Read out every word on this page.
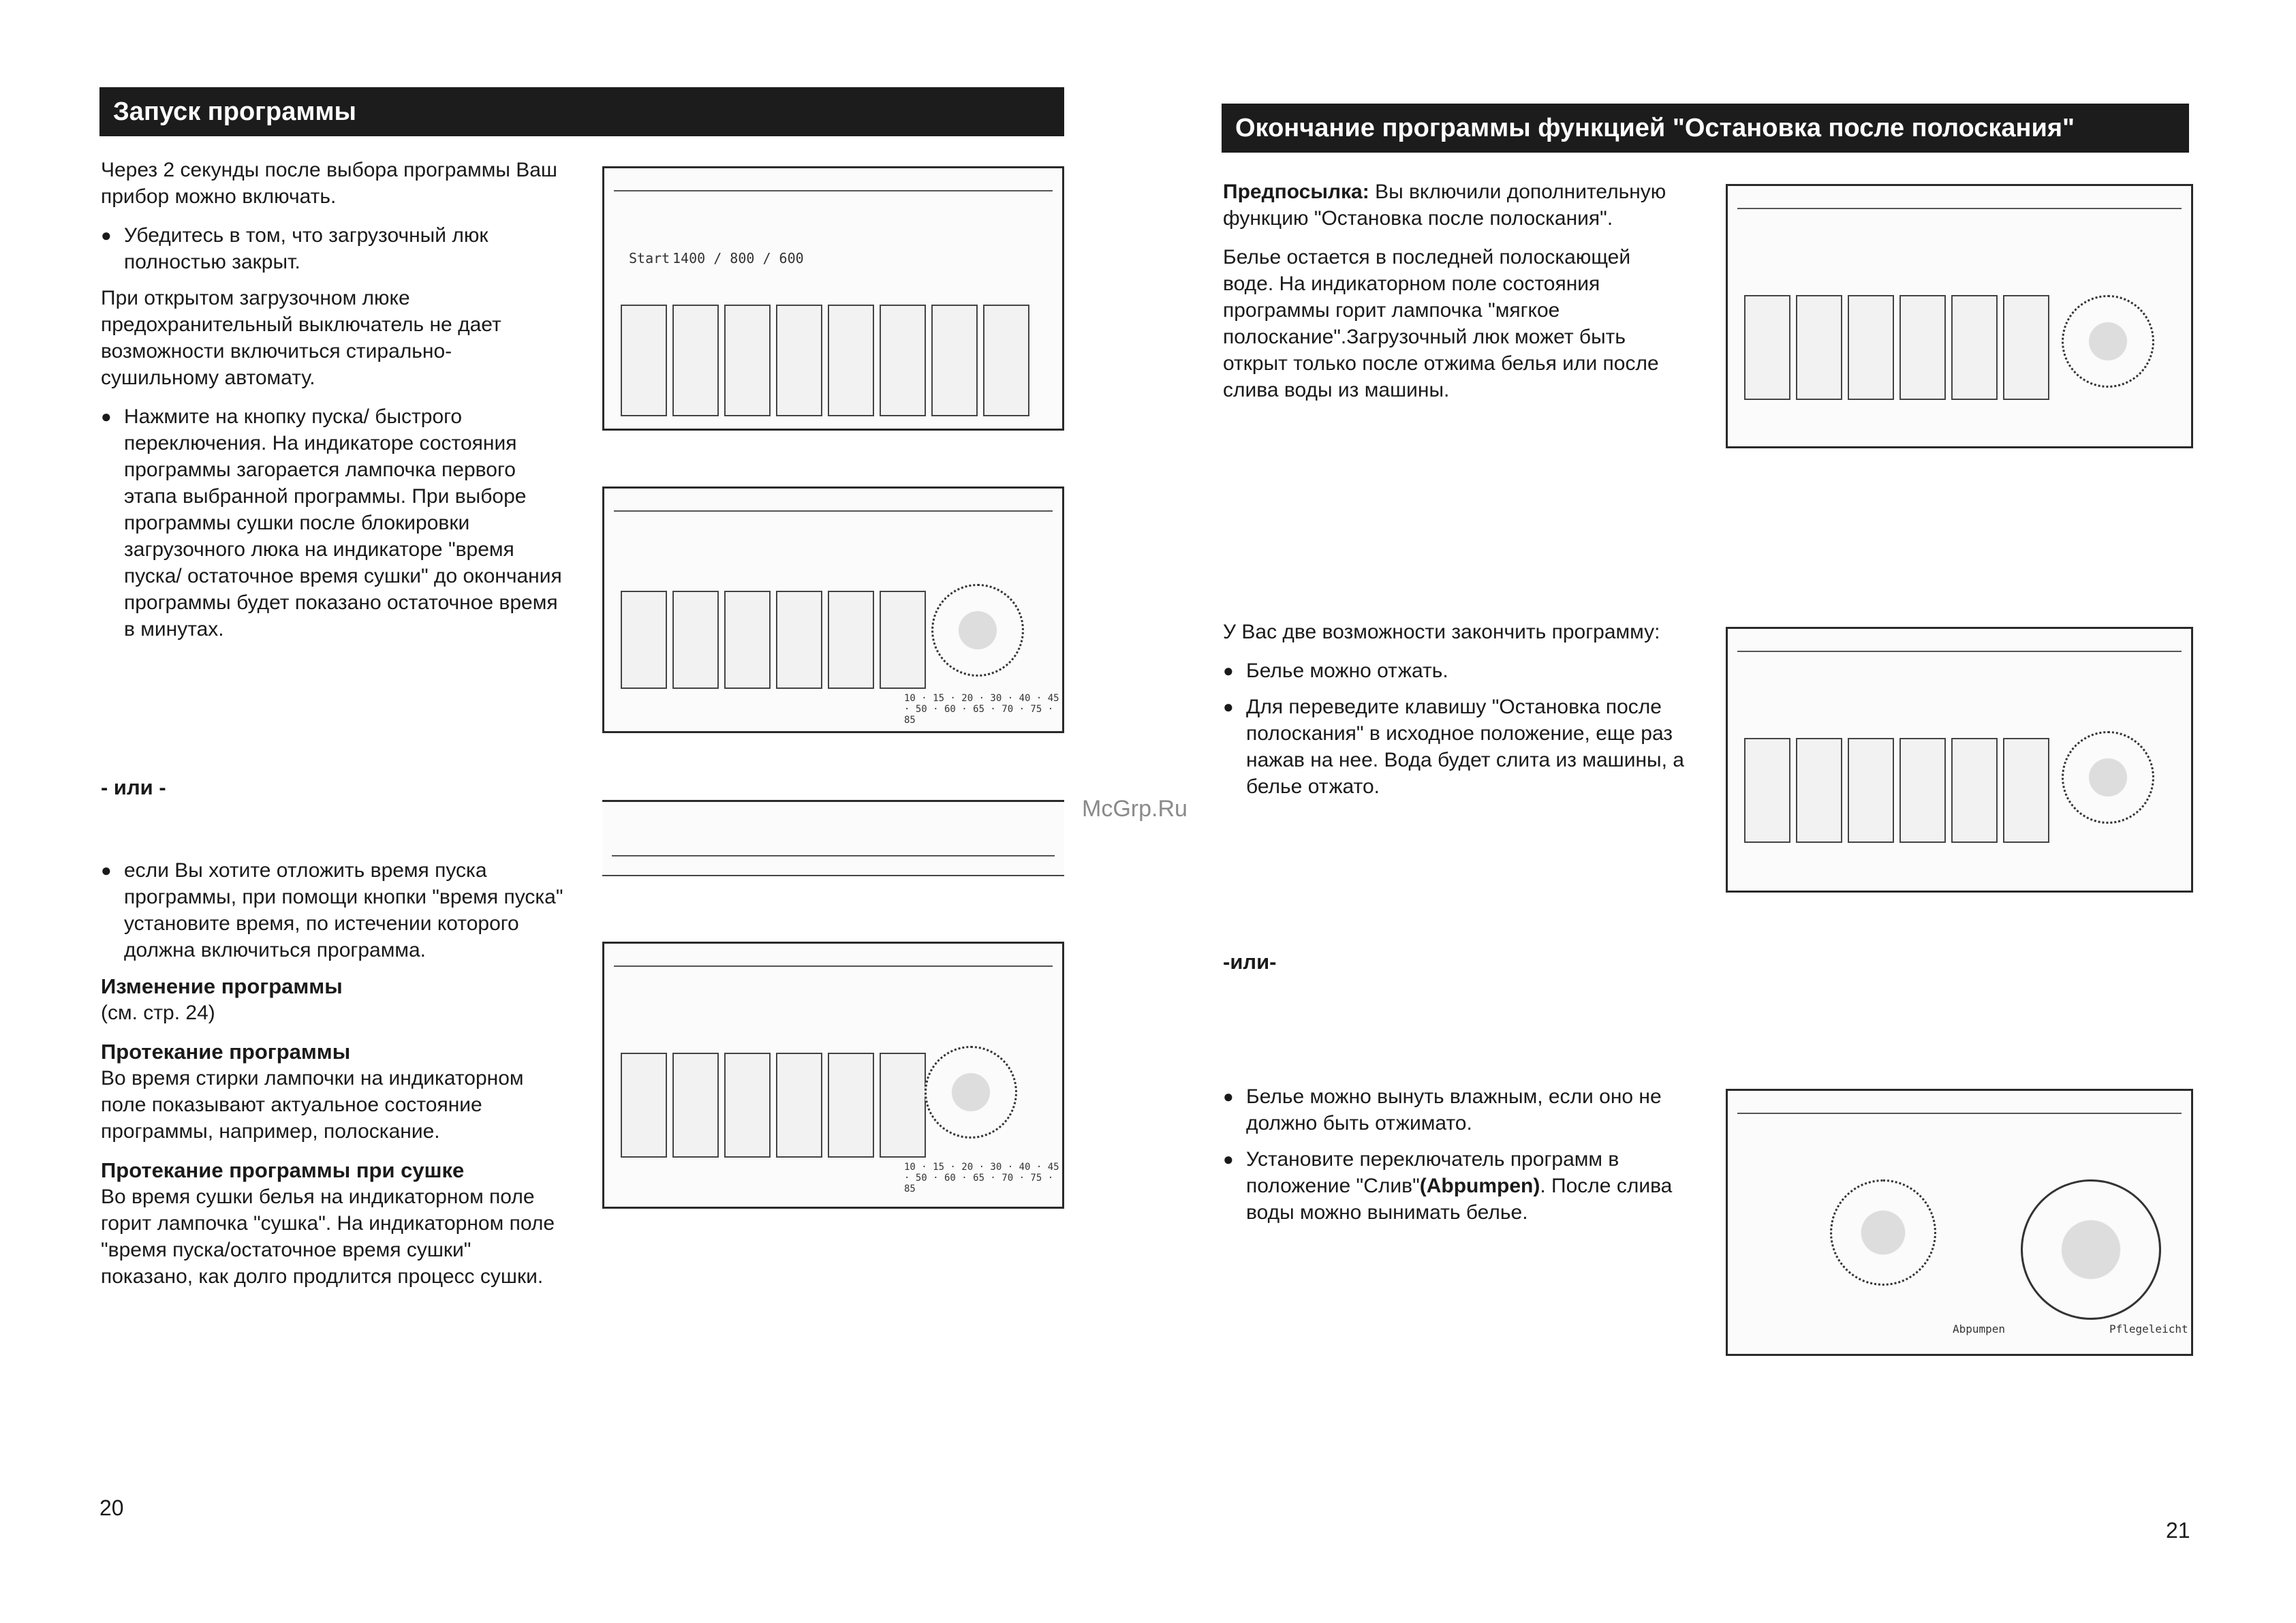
Запуск программы

Через 2 секунды после выбора программы Ваш прибор можно включать.

● Убедитесь в том, что загрузочный люк полностью закрыт.

При открытом загрузочном люке предохранительный выключатель не дает возможности включиться стирально-сушильному автомату.

● Нажмите на кнопку пуска/ быстрого переключения. На индикаторе состояния программы загорается лампочка первого этапа выбранной программы. При выборе программы сушки после блокировки загрузочного люка на индикаторе "время пуска/ остаточное время сушки" до окончания программы будет показано остаточное время в минутах.
- или -
● если Вы хотите отложить время пуска программы, при помощи кнопки "время пуска" установите время, по истечении которого должна включиться программа.
Изменение программы

(см. стр. 24)

Протекание программы

Во время стирки лампочки на индикаторном поле показывают актуальное состояние программы, например, полоскание.

Протекание программы при сушке

Во время сушки белья на индикаторном поле горит лампочка "сушка". На индикаторном поле "время пуска/остаточное время сушки" показано, как долго продлится процесс сушки.

20
Start 1400 / 800 / 600
10 · 15 · 20 · 30 · 40 · 45 · 50 · 60 · 65 · 70 · 75 · 85
10 · 15 · 20 · 30 · 40 · 45 · 50 · 60 · 65 · 70 · 75 · 85
Окончание программы функцией "Остановка после полоскания"

Предпосылка: Вы включили дополнительную функцию "Остановка после полоскания".

Белье остается в последней полоскающей воде. На индикаторном поле состояния программы горит лампочка "мягкое полоскание".Загрузочный люк может быть открыт только после отжима белья или после слива воды из машины.

У Вас две возможности закончить программу:

● Белье можно отжать.
● Для переведите клавишу "Остановка после полоскания" в исходное положение, еще раз нажав на нее. Вода будет слита из машины, а белье отжато.
-или-
● Белье можно вынуть влажным, если оно не должно быть отжимато.
● Установите переключатель программ в положение "Слив"(Abpumpen). После слива воды можно вынимать белье.
21
Abpumpen	Pflegeleicht
McGrp.Ru
